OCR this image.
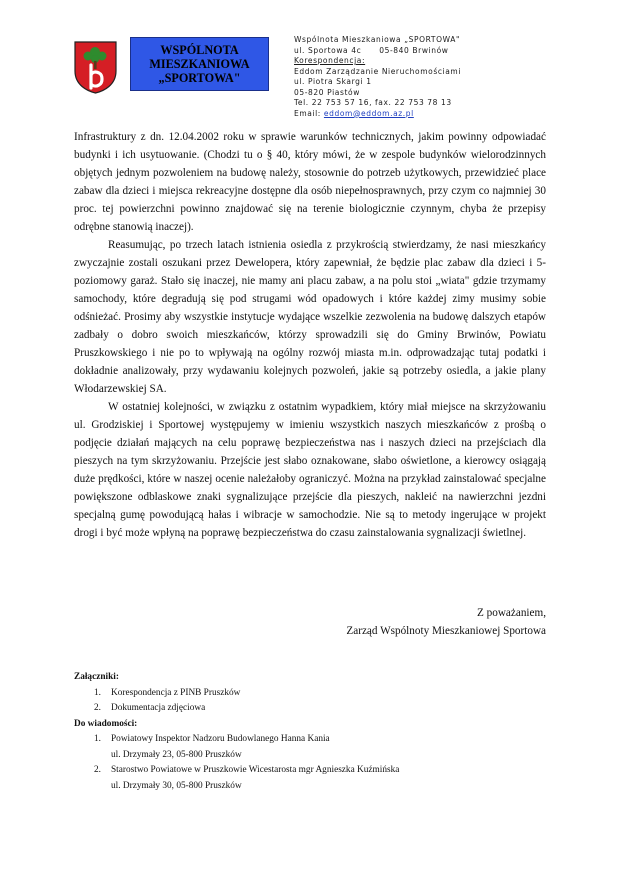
WSPÓLNOTA
MIESZKANIOWA
„SPORTOWA"
Wspólnota Mieszkaniowa „SPORTOWA"
ul. Sportowa 4c 05-840 Brwinów
Korespondencja:
Eddom Zarządzanie Nieruchomościami
ul. Piotra Skargi 1
05-820 Piastów
Tel. 22 753 57 16, fax. 22 753 78 13
Email: eddom@eddom.az.pl

Infrastruktury z dn. 12.04.2002 roku w sprawie warunków technicznych, jakim powinny odpowiadać budynki i ich usytuowanie. (Chodzi tu o § 40, który mówi, że w zespole budynków wielorodzinnych objętych jednym pozwoleniem na budowę należy, stosownie do potrzeb użytkowych, przewidzieć place zabaw dla dzieci i miejsca rekreacyjne dostępne dla osób niepełnosprawnych, przy czym co najmniej 30 proc. tej powierzchni powinno znajdować się na terenie biologicznie czynnym, chyba że przepisy odrębne stanowią inaczej).

Reasumując, po trzech latach istnienia osiedla z przykrością stwierdzamy, że nasi mieszkańcy zwyczajnie zostali oszukani przez Dewelopera, który zapewniał, że będzie plac zabaw dla dzieci i 5-poziomowy garaż. Stało się inaczej, nie mamy ani placu zabaw, a na polu stoi „wiata" gdzie trzymamy samochody, które degradują się pod strugami wód opadowych i które każdej zimy musimy sobie odśnieżać. Prosimy aby wszystkie instytucje wydające wszelkie zezwolenia na budowę dalszych etapów zadbały o dobro swoich mieszkańców, którzy sprowadzili się do Gminy Brwinów, Powiatu Pruszkowskiego i nie po to wpływają na ogólny rozwój miasta m.in. odprowadzając tutaj podatki i dokładnie analizowały, przy wydawaniu kolejnych pozwoleń, jakie są potrzeby osiedla, a jakie plany Włodarzewskiej SA.

W ostatniej kolejności, w związku z ostatnim wypadkiem, który miał miejsce na skrzyżowaniu ul. Grodziskiej i Sportowej występujemy w imieniu wszystkich naszych mieszkańców z prośbą o podjęcie działań mających na celu poprawę bezpieczeństwa nas i naszych dzieci na przejściach dla pieszych na tym skrzyżowaniu. Przejście jest słabo oznakowane, słabo oświetlone, a kierowcy osiągają duże prędkości, które w naszej ocenie należałoby ograniczyć. Można na przykład zainstalować specjalne powiększone odblaskowe znaki sygnalizujące przejście dla pieszych, nakleić na nawierzchni jezdni specjalną gumę powodującą hałas i wibracje w samochodzie. Nie są to metody ingerujące w projekt drogi i być może wpłyną na poprawę bezpieczeństwa do czasu zainstalowania sygnalizacji świetlnej.

Z poważaniem,
Zarząd Wspólnoty Mieszkaniowej Sportowa
Załączniki:
1. Korespondencja z PINB Pruszków
2. Dokumentacja zdjęciowa
Do wiadomości:
1. Powiatowy Inspektor Nadzoru Budowlanego Hanna Kania
ul. Drzymały 23, 05-800 Pruszków
2. Starostwo Powiatowe w Pruszkowie Wicestarosta mgr Agnieszka Kuźmińska
ul. Drzymały 30, 05-800 Pruszków
